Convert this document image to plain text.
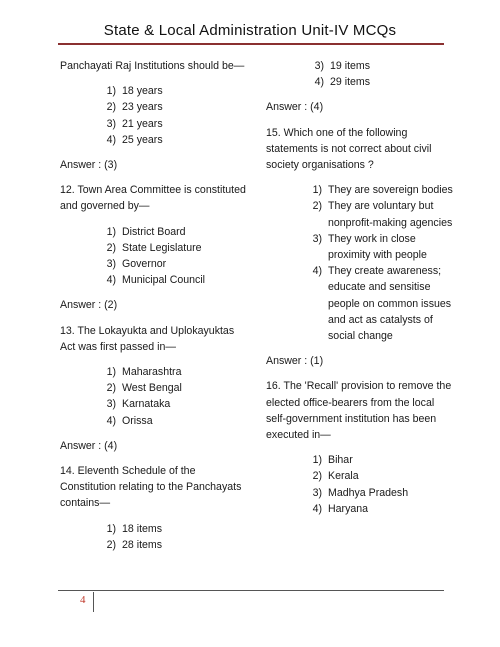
State & Local Administration Unit-IV MCQs
Panchayati Raj Institutions should be—
1) 18 years
2) 23 years
3) 21 years
4) 25 years
Answer : (3)
12. Town Area Committee is constituted and governed by—
1) District Board
2) State Legislature
3) Governor
4) Municipal Council
Answer : (2)
13. The Lokayukta and Uplokayuktas Act was first passed in—
1) Maharashtra
2) West Bengal
3) Karnataka
4) Orissa
Answer : (4)
14. Eleventh Schedule of the Constitution relating to the Panchayats contains—
1) 18 items
2) 28 items
3) 19 items
4) 29 items
Answer : (4)
15. Which one of the following statements is not correct about civil society organisations ?
1) They are sovereign bodies
2) They are voluntary but nonprofit-making agencies
3) They work in close proximity with people
4) They create awareness; educate and sensitise people on common issues and act as catalysts of social change
Answer : (1)
16. The 'Recall' provision to remove the elected office-bearers from the local self-government institution has been executed in—
1) Bihar
2) Kerala
3) Madhya Pradesh
4) Haryana
4
